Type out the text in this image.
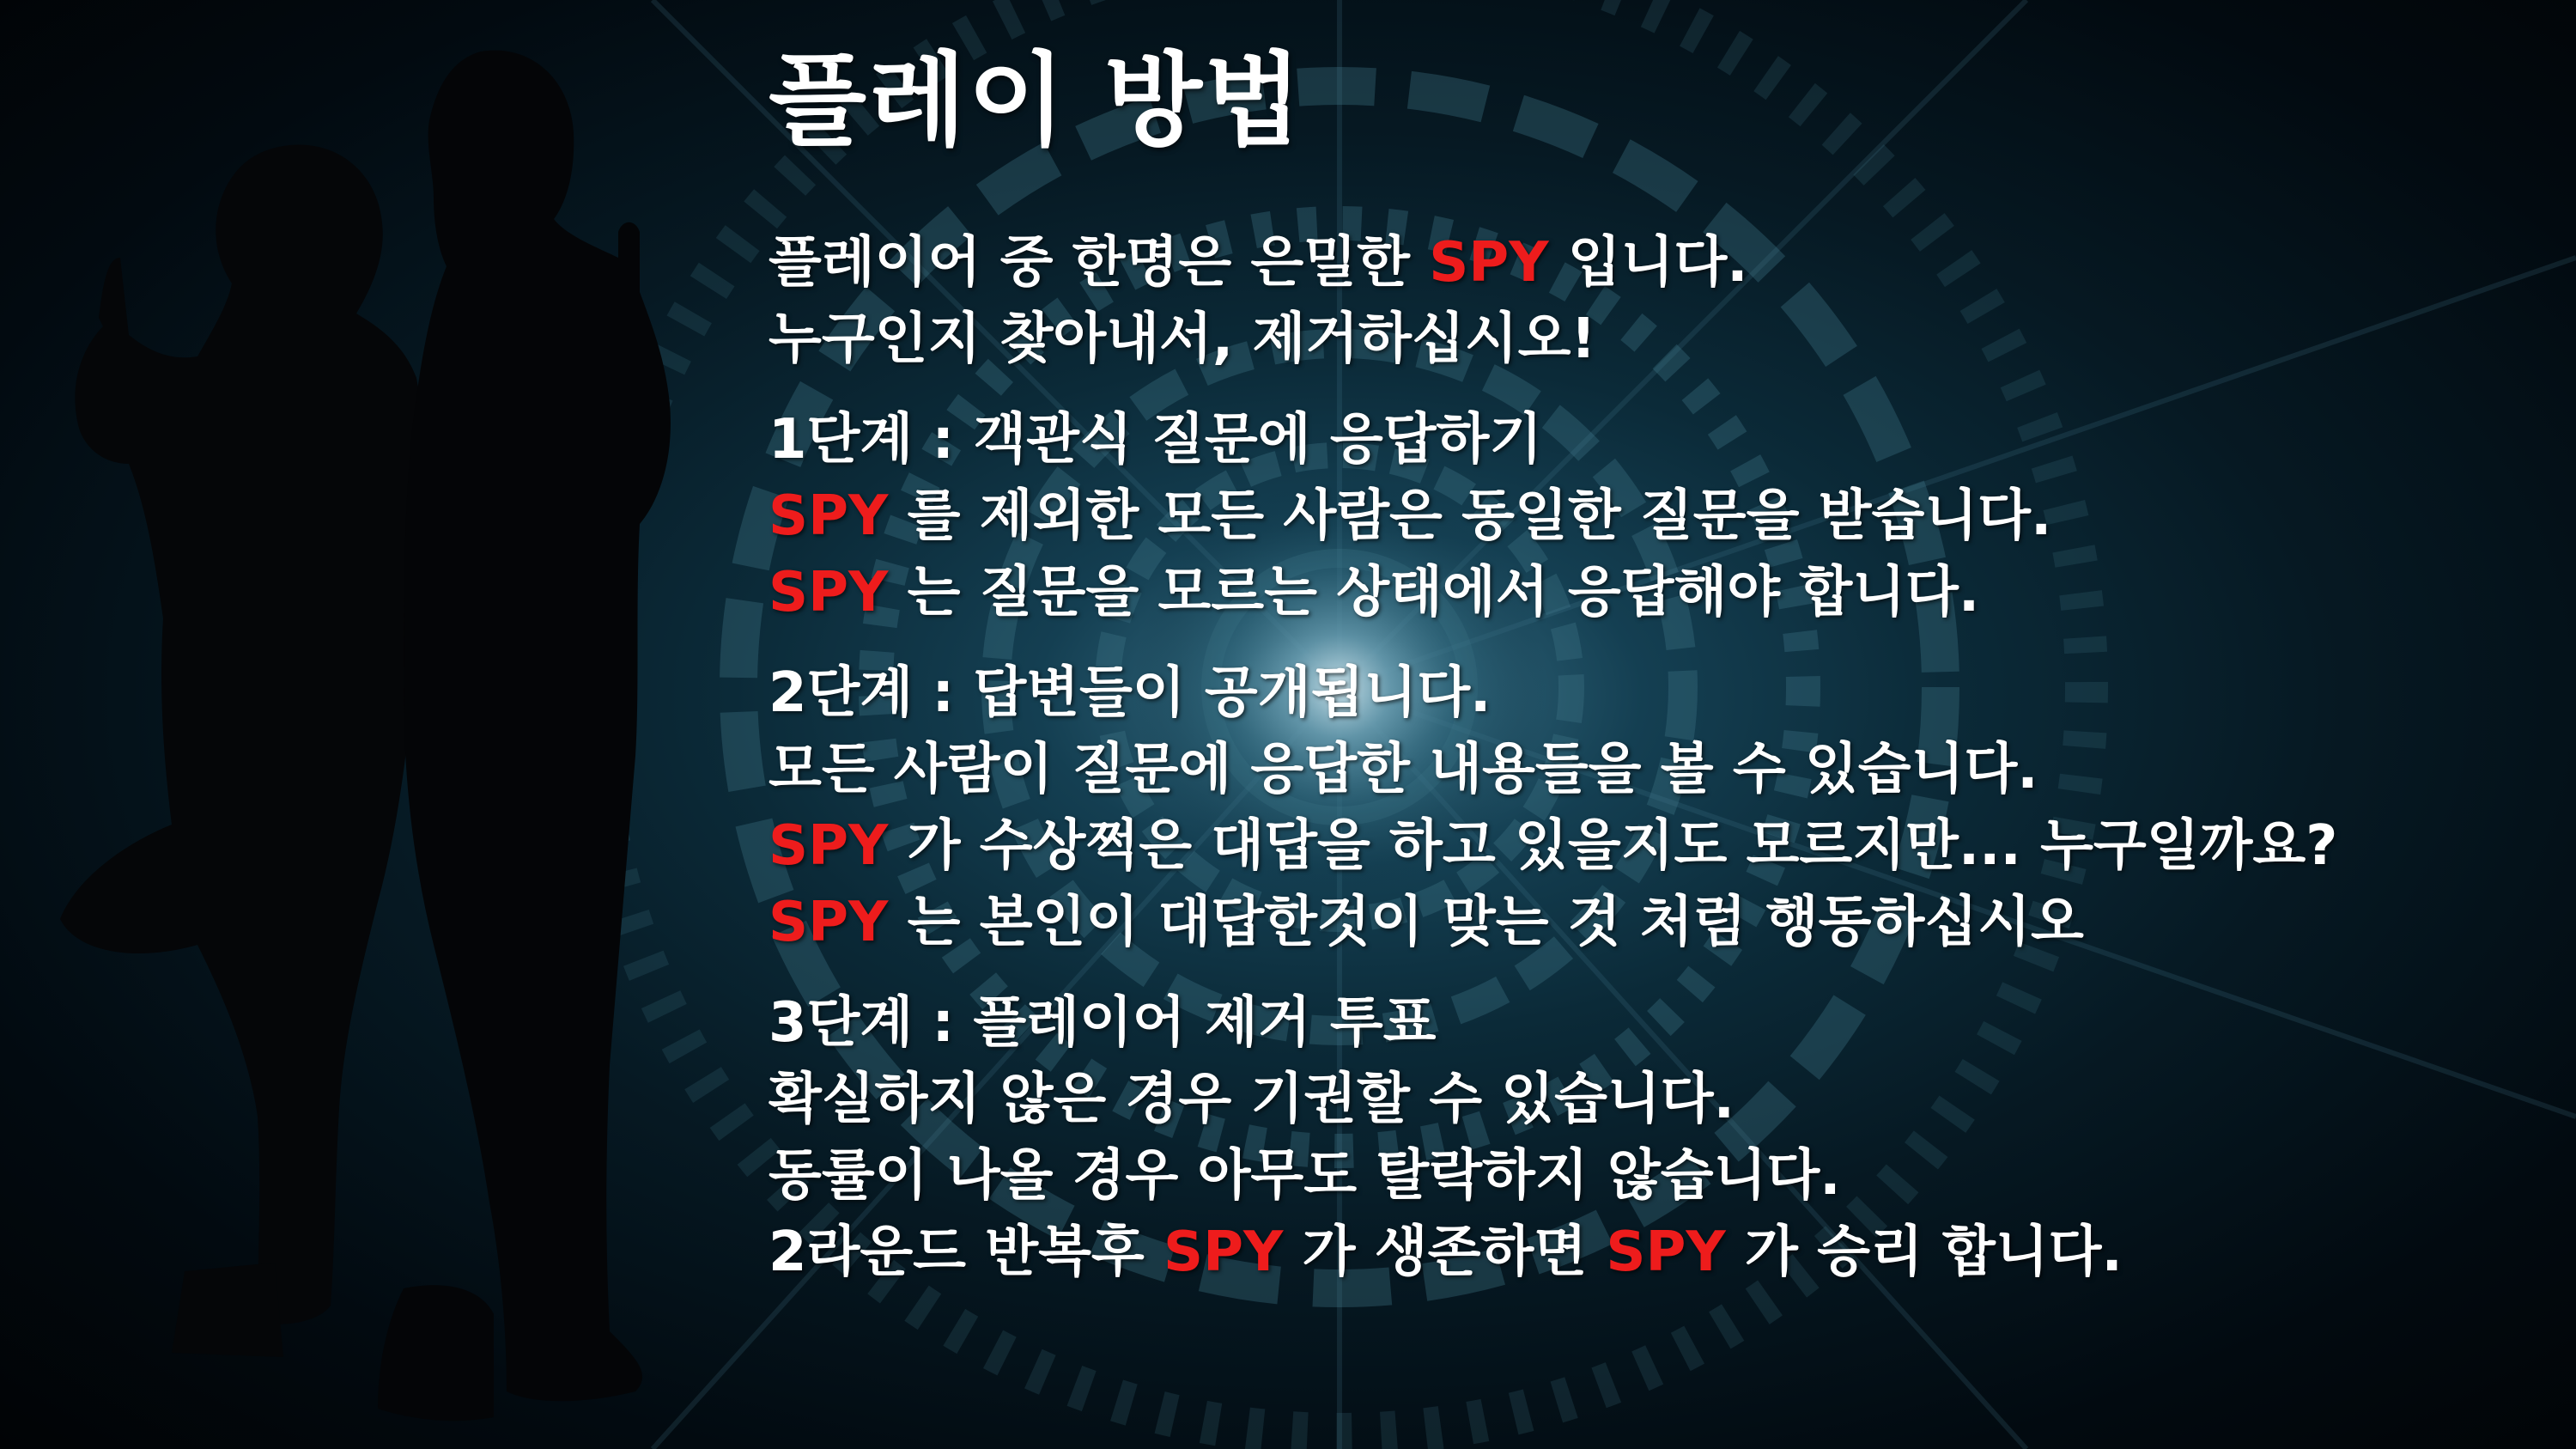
플레이 방법
플레이어 중 한명은 은밀한 SPY 입니다.
누구인지 찾아내서, 제거하십시오!
1단계 : 객관식 질문에 응답하기
SPY 를 제외한 모든 사람은 동일한 질문을 받습니다.
SPY 는 질문을 모르는 상태에서 응답해야 합니다.
2단계 : 답변들이 공개됩니다.
모든 사람이 질문에 응답한 내용들을 볼 수 있습니다.
SPY 가 수상쩍은 대답을 하고 있을지도 모르지만... 누구일까요?
SPY 는 본인이 대답한것이 맞는 것 처럼 행동하십시오
3단계 : 플레이어 제거 투표
확실하지 않은 경우 기권할 수 있습니다.
동률이 나올 경우 아무도 탈락하지 않습니다.
2라운드 반복후 SPY 가 생존하면 SPY 가 승리 합니다.
